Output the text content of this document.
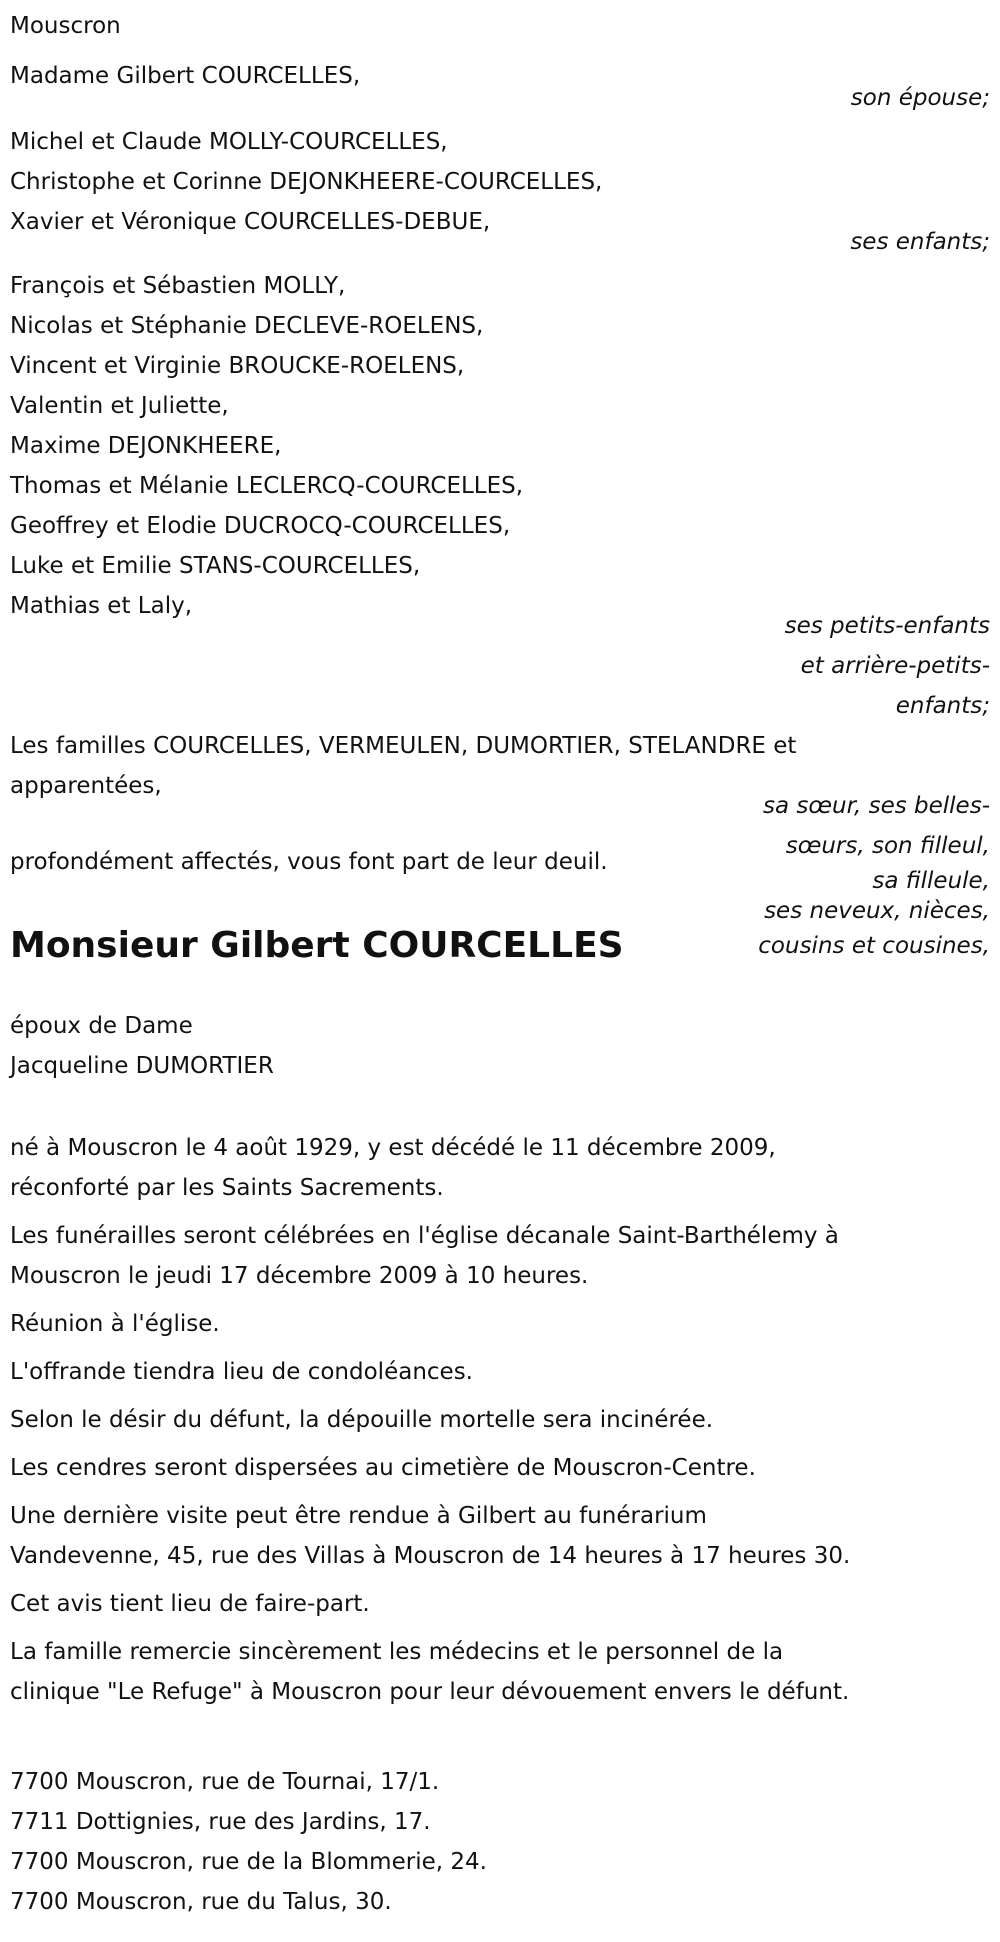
Mouscron
Madame Gilbert COURCELLES,
son épouse;
Michel et Claude MOLLY-COURCELLES,
Christophe et Corinne DEJONKHEERE-COURCELLES,
Xavier et Véronique COURCELLES-DEBUE,
ses enfants;
François et Sébastien MOLLY,
Nicolas et Stéphanie DECLEVE-ROELENS,
Vincent et Virginie BROUCKE-ROELENS,
Valentin et Juliette,
Maxime DEJONKHEERE,
Thomas et Mélanie LECLERCQ-COURCELLES,
Geoffrey et Elodie DUCROCQ-COURCELLES,
Luke et Emilie STANS-COURCELLES,
Mathias et Laly,
ses petits-enfants
et arrière-petits-
enfants;
Les familles COURCELLES, VERMEULEN, DUMORTIER, STELANDRE et
apparentées,
sa sœur, ses belles-
sœurs, son filleul,
sa filleule,
ses neveux, nièces,
cousins et cousines,
profondément affectés, vous font part de leur deuil.
Monsieur Gilbert COURCELLES
époux de Dame
Jacqueline DUMORTIER

né à Mouscron le 4 août 1929, y est décédé le 11 décembre 2009,
réconforté par les Saints Sacrements.

Les funérailles seront célébrées en l'église décanale Saint-Barthélemy à
Mouscron le jeudi 17 décembre 2009 à 10 heures.

Réunion à l'église.

L'offrande tiendra lieu de condoléances.

Selon le désir du défunt, la dépouille mortelle sera incinérée.

Les cendres seront dispersées au cimetière de Mouscron-Centre.

Une dernière visite peut être rendue à Gilbert au funérarium
Vandevenne, 45, rue des Villas à Mouscron de 14 heures à 17 heures 30.

Cet avis tient lieu de faire-part.

La famille remercie sincèrement les médecins et le personnel de la
clinique "Le Refuge" à Mouscron pour leur dévouement envers le défunt.

7700 Mouscron, rue de Tournai, 17/1.
7711 Dottignies, rue des Jardins, 17.
7700 Mouscron, rue de la Blommerie, 24.
7700 Mouscron, rue du Talus, 30.
